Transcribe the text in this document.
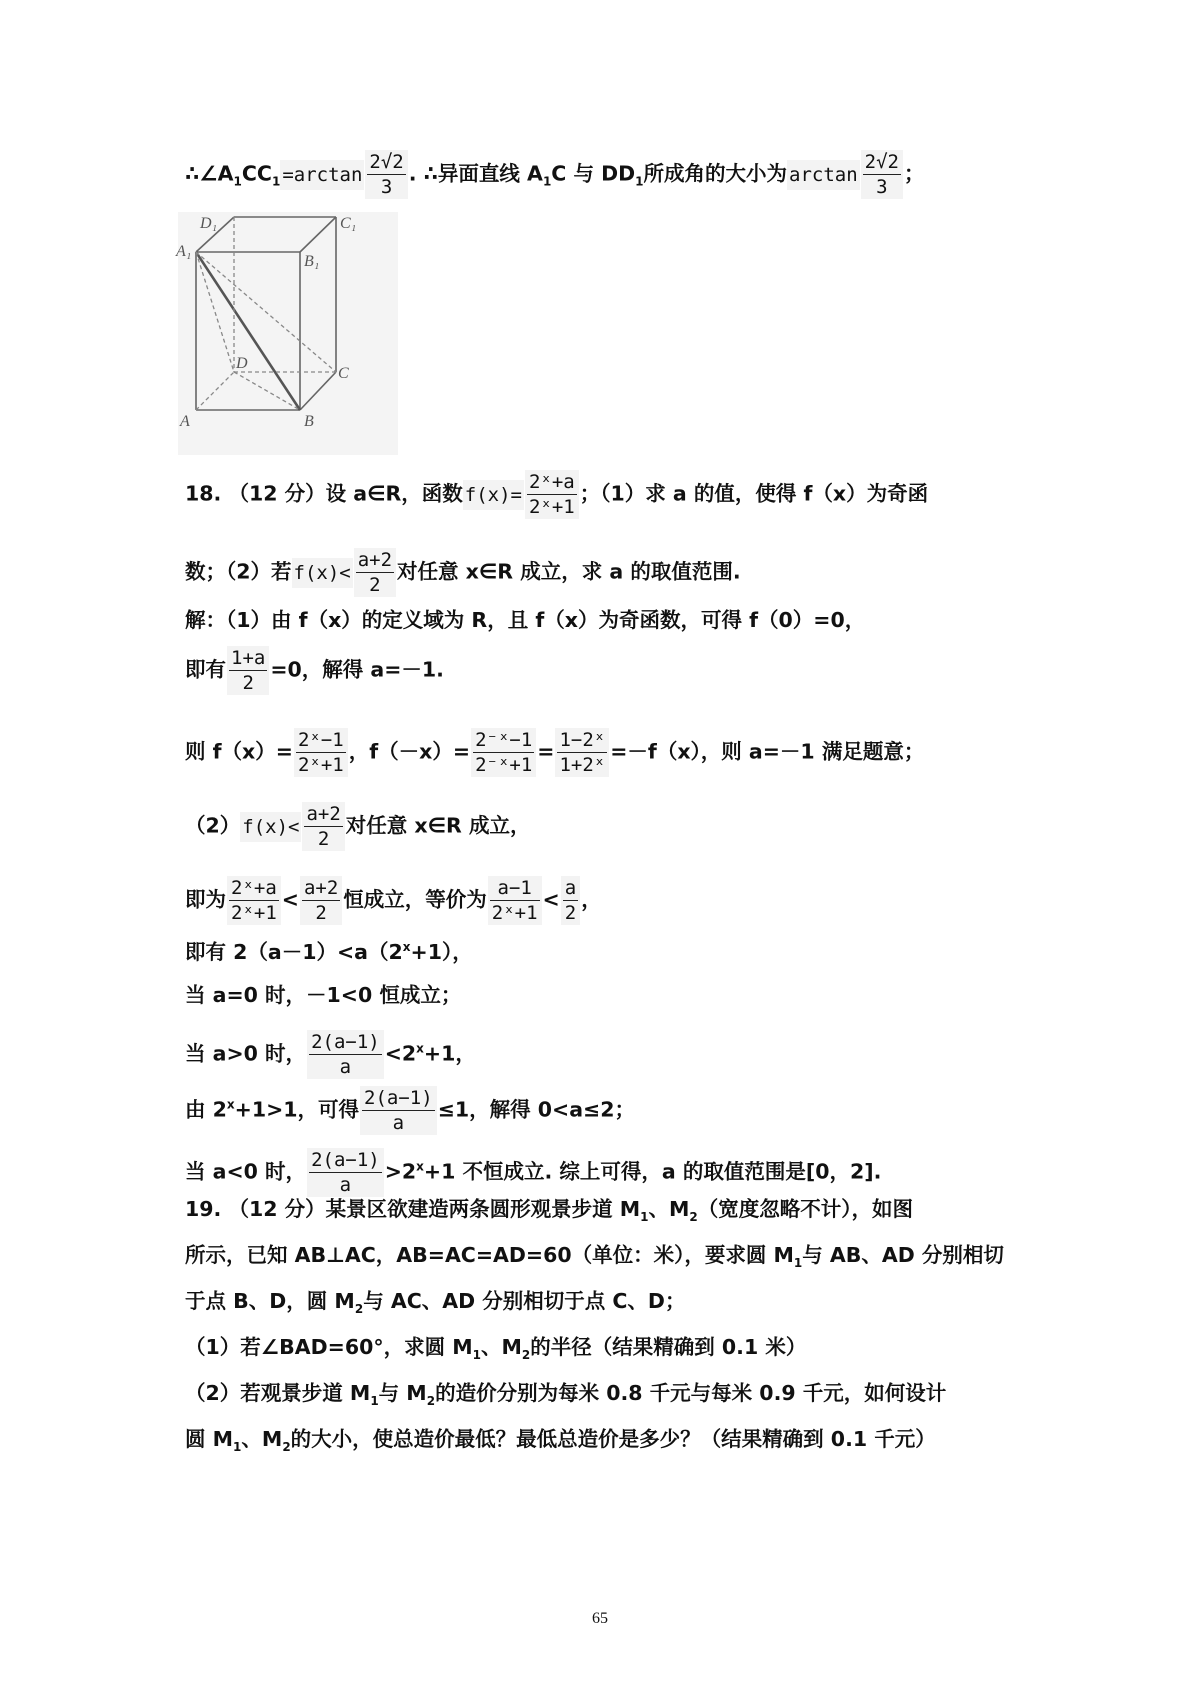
$\therefore\angle A_1CC_1 =\arctan \frac{2√2}{3}$ . ∴异面直线 $A_1C$ 与 $DD_1$所成角的大小为 $\arctan \frac{2√2}{3}$ ；
D₁	C₁
A₁
B₁
D
C
A	B
18. （12 分）设 a∈R，函数 $f(x)= \frac{\text{2ˣ+a}}{\text{2ˣ+1}}$ ；（1）求 a 的值，使得 f（x）为奇函
数；（2）若 $f(x)< \frac{a+2}{2}$ 对任意 x∈R 成立，求 a 的取值范围.
解：（1）由 f（x）的定义域为 R，且 f（x）为奇函数，可得 f（0）=0，
即有 $\frac{1+a}{2} =0$，解得 a=－1.
则 $f(x)= \frac{\text{2ˣ−1}}{\text{2ˣ+1}}$ ，$f(-x)= \frac{\text{2⁻ˣ−1}}{\text{2⁻ˣ+1}} = \frac{\text{1−2ˣ}}{\text{1+2ˣ}} =-f(x)$，则 a=－1 满足题意；
（2） $f(x)< \frac{a+2}{2}$ 对任意 x∈R 成立，
即为 $\frac{\text{2ˣ+a}}{\text{2ˣ+1}} < \frac{a+2}{2}$ 恒成立，等价为 $\frac{a-1}{\text{2ˣ+1}} < \frac{a}{2}$ ，
即有 $2(a-1)<a(2^x+1)$，
当 a=0 时，－1<0 恒成立；
当 a>0 时， $\frac{2(a-1)}{a} <2^x+1$，
由 $2^x+1>1$，可得 $\frac{2(a-1)}{a} \le 1$，解得 0<a≤2；
当 a<0 时， $\frac{2(a-1)}{a} >2^x+1$ 不恒成立. 综上可得，a 的取值范围是[0，2].
19. （12 分）某景区欲建造两条圆形观景步道 $M_1$、$M_2$（宽度忽略不计），如图
所示，已知 AB⊥AC，AB=AC=AD=60（单位：米），要求圆 $M_1$与 AB、AD 分别相切
于点 B、D，圆 $M_2$与 AC、AD 分别相切于点 C、D；
（1）若∠BAD=60°，求圆 $M_1$、$M_2$的半径（结果精确到 0.1 米）
（2）若观景步道 $M_1$与 $M_2$的造价分别为每米 0.8 千元与每米 0.9 千元，如何设计
圆 $M_1$、$M_2$的大小，使总造价最低？最低总造价是多少？（结果精确到 0.1 千元）
65
